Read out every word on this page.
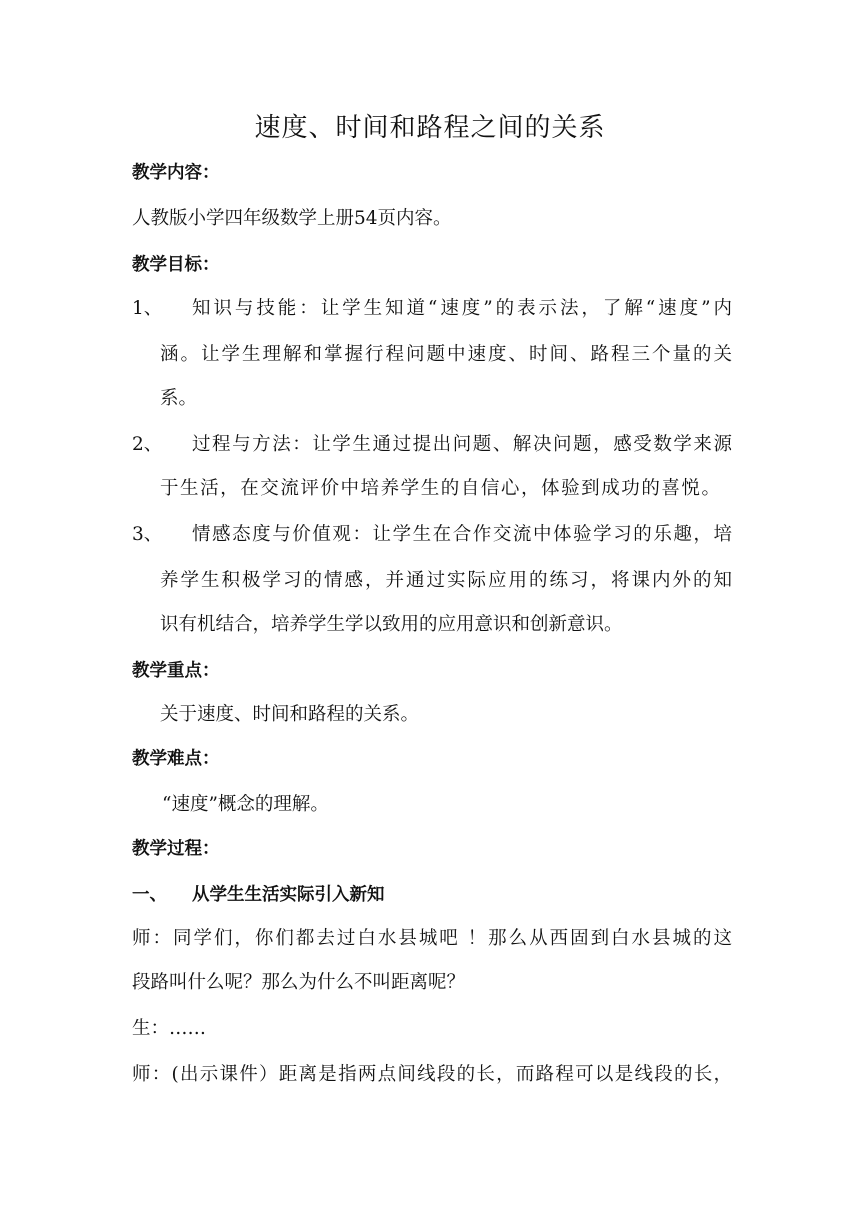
速度、时间和路程之间的关系
教学内容：
人教版小学四年级数学上册54页内容。
教学目标：
1、 知识与技能：让学生知道“速度”的表示法，了解“速度”内
涵。让学生理解和掌握行程问题中速度、时间、路程三个量的关
系。
2、 过程与方法：让学生通过提出问题、解决问题，感受数学来源
于生活，在交流评价中培养学生的自信心，体验到成功的喜悦。
3、 情感态度与价值观：让学生在合作交流中体验学习的乐趣，培
养学生积极学习的情感，并通过实际应用的练习，将课内外的知
识有机结合，培养学生学以致用的应用意识和创新意识。
教学重点：
关于速度、时间和路程的关系。
教学难点：
“速度”概念的理解。
教学过程：
一、	从学生生活实际引入新知
师：同学们，你们都去过白水县城吧 ！那么从西固到白水县城的这
段路叫什么呢？那么为什么不叫距离呢？
生：……
师：(出示课件）距离是指两点间线段的长，而路程可以是线段的长，
